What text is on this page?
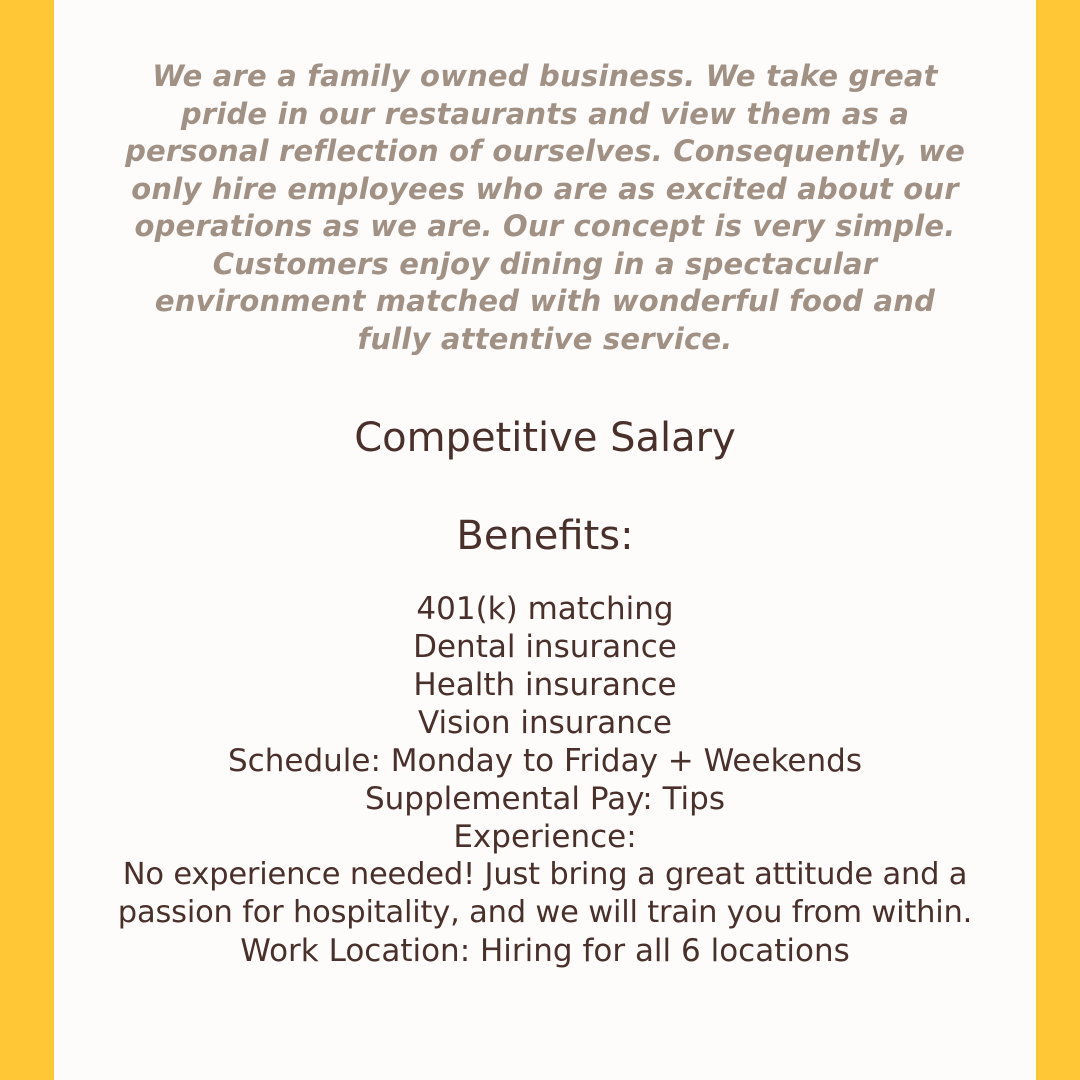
We are a family owned business. We take great
pride in our restaurants and view them as a
personal reflection of ourselves. Consequently, we
only hire employees who are as excited about our
operations as we are. Our concept is very simple.
Customers enjoy dining in a spectacular
environment matched with wonderful food and
fully attentive service.

Competitive Salary
Benefits:
401(k) matching
Dental insurance
Health insurance
Vision insurance
Schedule: Monday to Friday + Weekends
Supplemental Pay: Tips
Experience:
No experience needed! Just bring a great attitude and a
passion for hospitality, and we will train you from within.
Work Location: Hiring for all 6 locations
